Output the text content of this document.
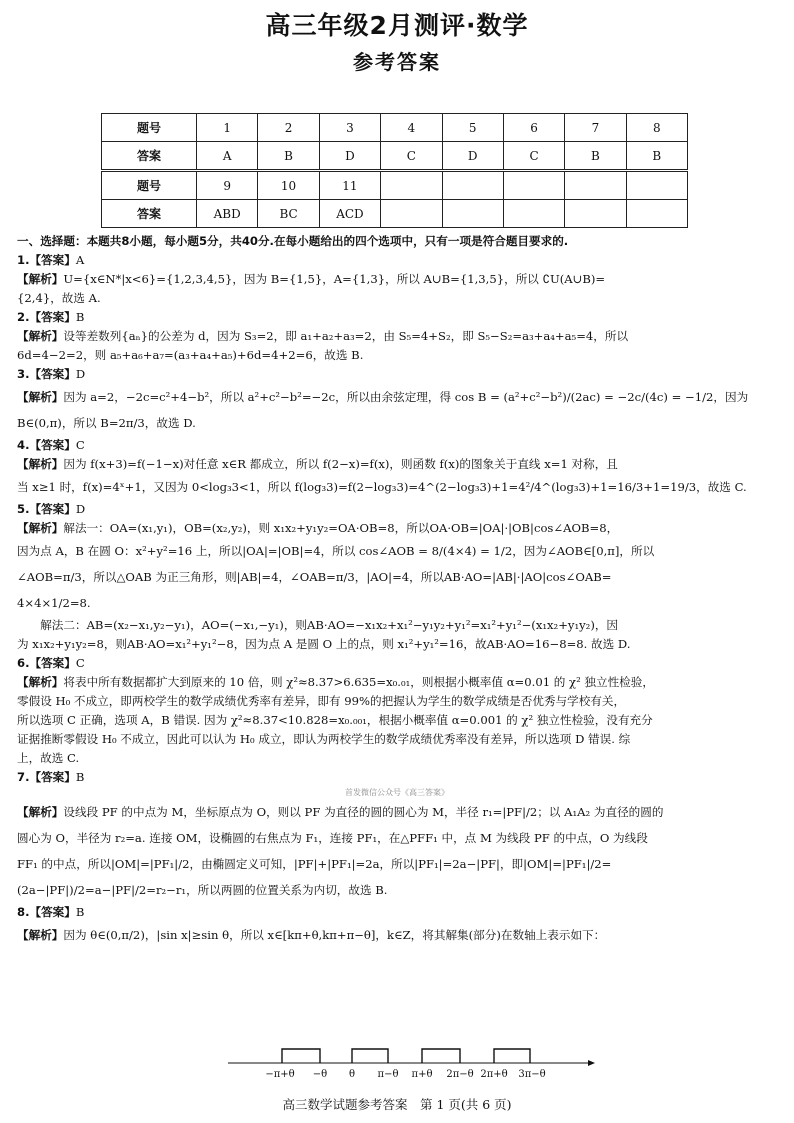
高三年级2月测评·数学
参考答案
题号	1	2	3	4	5	6	7	8
答案	A	B	D	C	D	C	B	B
题号	9	10	11					
答案	ABD	BC	ACD					

一、选择题：本题共8小题，每小题5分，共40分.在每小题给出的四个选项中，只有一项是符合题目要求的.

1.【答案】A

【解析】U={x∈N*|x<6}={1,2,3,4,5}，因为 B={1,5}，A={1,3}，所以 A∪B={1,3,5}，所以 ∁U(A∪B)=

{2,4}，故选 A.

2.【答案】B

【解析】设等差数列{aₙ}的公差为 d，因为 S₃=2，即 a₁+a₂+a₃=2，由 S₅=4+S₂，即 S₅−S₂=a₃+a₄+a₅=4，所以

6d=4−2=2，则 a₅+a₆+a₇=(a₃+a₄+a₅)+6d=4+2=6，故选 B.

3.【答案】D

【解析】因为 a=2，−2c=c²+4−b²，所以 a²+c²−b²=−2c，所以由余弦定理，得 cos B = (a²+c²−b²)/(2ac) = −2c/(4c) = −1/2，因为

B∈(0,π)，所以 B=2π/3，故选 D.

4.【答案】C

【解析】因为 f(x+3)=f(−1−x)对任意 x∈R 都成立，所以 f(2−x)=f(x)，则函数 f(x)的图象关于直线 x=1 对称，且

当 x≥1 时，f(x)=4ˣ+1，又因为 0<log₃3<1，所以 f(log₃3)=f(2−log₃3)=4^(2−log₃3)+1=4²/4^(log₃3)+1=16/3+1=19/3，故选 C.

5.【答案】D

【解析】解法一：OA=(x₁,y₁)，OB=(x₂,y₂)，则 x₁x₂+y₁y₂=OA·OB=8，所以OA·OB=|OA|·|OB|cos∠AOB=8，

因为点 A，B 在圆 O：x²+y²=16 上，所以|OA|=|OB|=4，所以 cos∠AOB = 8/(4×4) = 1/2，因为∠AOB∈[0,π]，所以

∠AOB=π/3，所以△OAB 为正三角形，则|AB|=4，∠OAB=π/3，|AO|=4，所以AB·AO=|AB|·|AO|cos∠OAB=

4×4×1/2=8.

解法二：AB=(x₂−x₁,y₂−y₁)，AO=(−x₁,−y₁)，则AB·AO=−x₁x₂+x₁²−y₁y₂+y₁²=x₁²+y₁²−(x₁x₂+y₁y₂)，因

为 x₁x₂+y₁y₂=8，则AB·AO=x₁²+y₁²−8，因为点 A 是圆 O 上的点，则 x₁²+y₁²=16，故AB·AO=16−8=8. 故选 D.

6.【答案】C

【解析】将表中所有数据都扩大到原来的 10 倍，则 χ²≈8.37>6.635=x₀.₀₁，则根据小概率值 α=0.01 的 χ² 独立性检验，

零假设 H₀ 不成立，即两校学生的数学成绩优秀率有差异，即有 99%的把握认为学生的数学成绩是否优秀与学校有关，

所以选项 C 正确，选项 A，B 错误. 因为 χ²≈8.37<10.828=x₀.₀₀₁，根据小概率值 α=0.001 的 χ² 独立性检验，没有充分

证据推断零假设 H₀ 不成立，因此可以认为 H₀ 成立，即认为两校学生的数学成绩优秀率没有差异，所以选项 D 错误. 综

上，故选 C.

7.【答案】B

首发微信公众号《高三答案》

【解析】设线段 PF 的中点为 M，坐标原点为 O，则以 PF 为直径的圆的圆心为 M，半径 r₁=|PF|/2；以 A₁A₂ 为直径的圆的

圆心为 O，半径为 r₂=a. 连接 OM，设椭圆的右焦点为 F₁，连接 PF₁，在△PFF₁ 中，点 M 为线段 PF 的中点，O 为线段

FF₁ 的中点，所以|OM|=|PF₁|/2，由椭圆定义可知，|PF|+|PF₁|=2a，所以|PF₁|=2a−|PF|，即|OM|=|PF₁|/2=

(2a−|PF|)/2=a−|PF|/2=r₂−r₁，所以两圆的位置关系为内切，故选 B.

8.【答案】B

【解析】因为 θ∈(0,π/2)，|sin x|≥sin θ，所以 x∈[kπ+θ,kπ+π−θ]，k∈Z，将其解集(部分)在数轴上表示如下：

−π+θ −θ θ π−θ π+θ 2π−θ 2π+θ 3π−θ
高三数学试题参考答案　第 1 页(共 6 页)
